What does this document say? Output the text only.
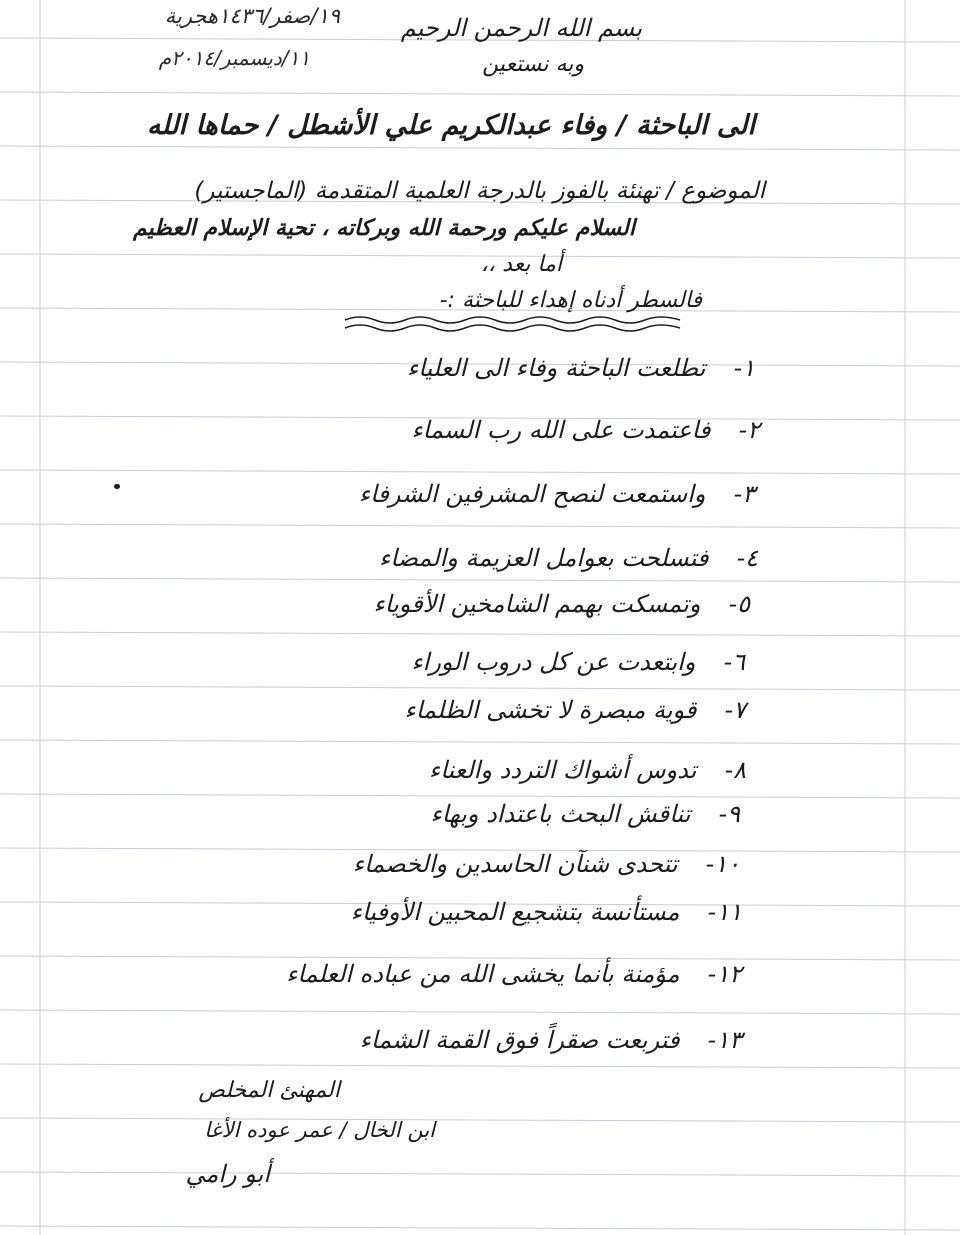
بسم الله الرحمن الرحيم
وبه نستعين
١٩/صفر/١٤٣٦هجرية
١١/ديسمبر/٢٠١٤م
الى الباحثة / وفاء عبدالكريم علي الأشطل / حماها الله
الموضوع / تهنئة بالفوز بالدرجة العلمية المتقدمة (الماجستير)
السلام عليكم ورحمة الله وبركاته ، تحية الإسلام العظيم
أما بعد ،،
فالسطر أدناه إهداء للباحثة :-
١-تطلعت الباحثة وفاء الى العلياء
٢-فاعتمدت على الله رب السماء
٣-واستمعت لنصح المشرفين الشرفاء
٤-فتسلحت بعوامل العزيمة والمضاء
٥-وتمسكت بهمم الشامخين الأقوياء
٦-وابتعدت عن كل دروب الوراء
٧-قوية مبصرة لا تخشى الظلماء
٨-تدوس أشواك التردد والعناء
٩-تناقش البحث باعتداد وبهاء
١٠-تتحدى شنآن الحاسدين والخصماء
١١-مستأنسة بتشجيع المحبين الأوفياء
١٢-مؤمنة بأنما يخشى الله من عباده العلماء
١٣-فتربعت صقراً فوق القمة الشماء
المهنئ المخلص
ابن الخال / عمر عوده الأغا
أبو رامي
